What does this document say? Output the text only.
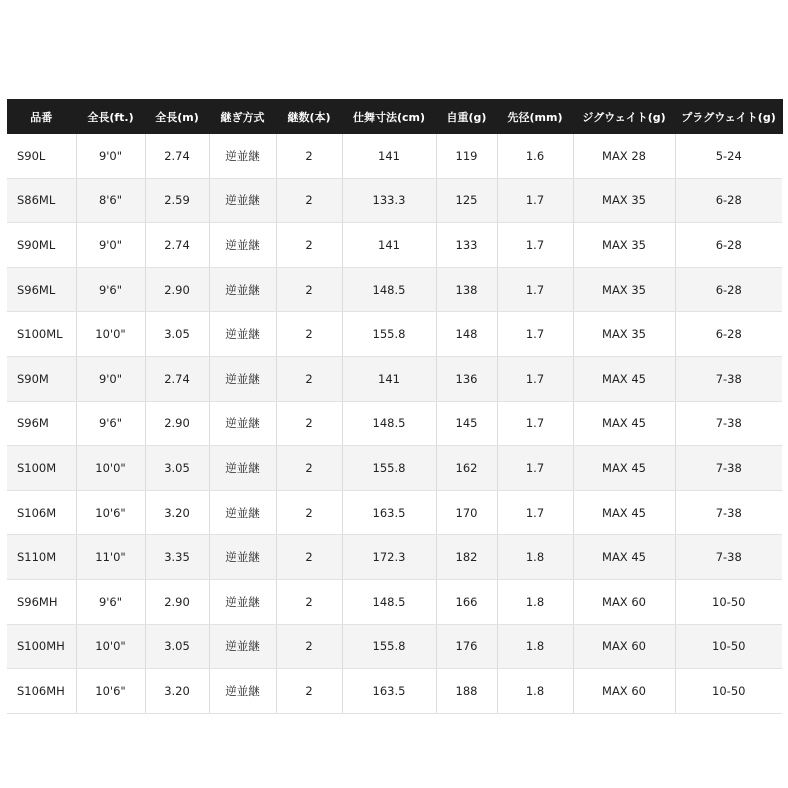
品番	全長(ft.)	全長(m)	継ぎ方式	継数(本)	仕舞寸法(cm)	自重(g)	先径(mm)	ジグウェイト(g)	プラグウェイト(g)
S90L	9'0"	2.74	逆並継	2	141	119	1.6	MAX 28	5-24
S86ML	8'6"	2.59	逆並継	2	133.3	125	1.7	MAX 35	6-28
S90ML	9'0"	2.74	逆並継	2	141	133	1.7	MAX 35	6-28
S96ML	9'6"	2.90	逆並継	2	148.5	138	1.7	MAX 35	6-28
S100ML	10'0"	3.05	逆並継	2	155.8	148	1.7	MAX 35	6-28
S90M	9'0"	2.74	逆並継	2	141	136	1.7	MAX 45	7-38
S96M	9'6"	2.90	逆並継	2	148.5	145	1.7	MAX 45	7-38
S100M	10'0"	3.05	逆並継	2	155.8	162	1.7	MAX 45	7-38
S106M	10'6"	3.20	逆並継	2	163.5	170	1.7	MAX 45	7-38
S110M	11'0"	3.35	逆並継	2	172.3	182	1.8	MAX 45	7-38
S96MH	9'6"	2.90	逆並継	2	148.5	166	1.8	MAX 60	10-50
S100MH	10'0"	3.05	逆並継	2	155.8	176	1.8	MAX 60	10-50
S106MH	10'6"	3.20	逆並継	2	163.5	188	1.8	MAX 60	10-50
